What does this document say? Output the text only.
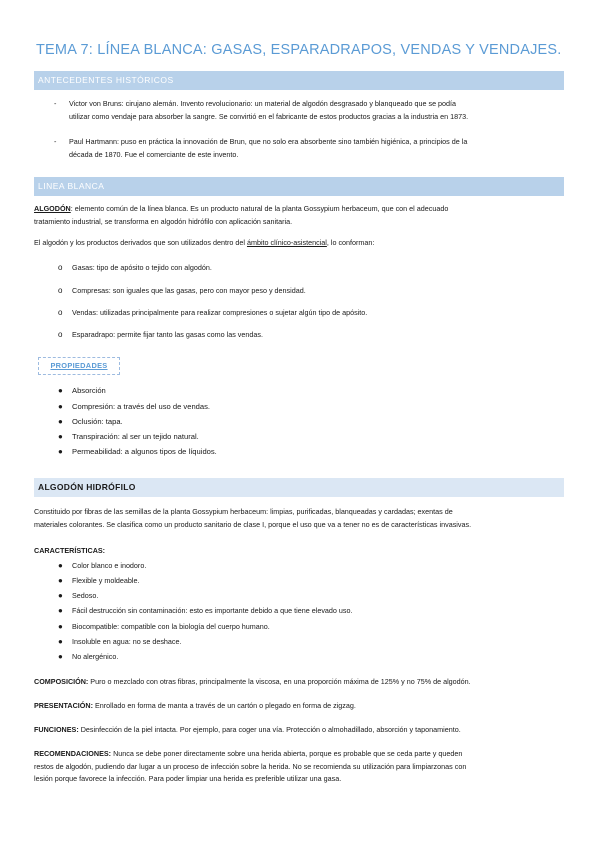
TEMA 7: LÍNEA BLANCA: GASAS, ESPARADRAPOS, VENDAS Y VENDAJES.
ANTECEDENTES HISTÓRICOS
- Victor von Bruns: cirujano alemán. Invento revolucionario: un material de algodón desgrasado y blanqueado que se podía
utilizar como vendaje para absorber la sangre. Se convirtió en el fabricante de estos productos gracias a la industria en 1873.
- Paul Hartmann: puso en práctica la innovación de Brun, que no solo era absorbente sino también higiénica, a principios de la
década de 1870. Fue el comerciante de este invento.
LINEA BLANCA
ALGODÓN: elemento común de la línea blanca. Es un producto natural de la planta Gossypium herbaceum, que con el adecuado
tratamiento industrial, se transforma en algodón hidrófilo con aplicación sanitaria.
El algodón y los productos derivados que son utilizados dentro del ámbito clínico-asistencial, lo conforman:
o Gasas: tipo de apósito o tejido con algodón.
o Compresas: son iguales que las gasas, pero con mayor peso y densidad.
o Vendas: utilizadas principalmente para realizar compresiones o sujetar algún tipo de apósito.
o Esparadrapo: permite fijar tanto las gasas como las vendas.
PROPIEDADES
●	Absorción
●	Compresión: a través del uso de vendas.
●	Oclusión: tapa.
●	Transpiración: al ser un tejido natural.
●	Permeabilidad: a algunos tipos de líquidos.
ALGODÓN HIDRÓFILO
Constituido por fibras de las semillas de la planta Gossypium herbaceum: limpias, purificadas, blanqueadas y cardadas; exentas de
materiales colorantes. Se clasifica como un producto sanitario de clase I, porque el uso que va a tener no es de características invasivas.
CARACTERÍSTICAS:
●	Color blanco e inodoro.
●	Flexible y moldeable.
●	Sedoso.
●	Fácil destrucción sin contaminación: esto es importante debido a que tiene elevado uso.
●	Biocompatible: compatible con la biología del cuerpo humano.
●	Insoluble en agua: no se deshace.
●	No alergénico.
COMPOSICIÓN: Puro o mezclado con otras fibras, principalmente la viscosa, en una proporción máxima de 125% y no 75% de algodón.
PRESENTACIÓN: Enrollado en forma de manta a través de un cartón o plegado en forma de zigzag.
FUNCIONES: Desinfección de la piel intacta. Por ejemplo, para coger una vía. Protección o almohadillado, absorción y taponamiento.
RECOMENDACIONES: Nunca se debe poner directamente sobre una herida abierta, porque es probable que se ceda parte y queden
restos de algodón, pudiendo dar lugar a un proceso de infección sobre la herida. No se recomienda su utilización para limpiarzonas con
lesión porque favorece la infección. Para poder limpiar una herida es preferible utilizar una gasa.
